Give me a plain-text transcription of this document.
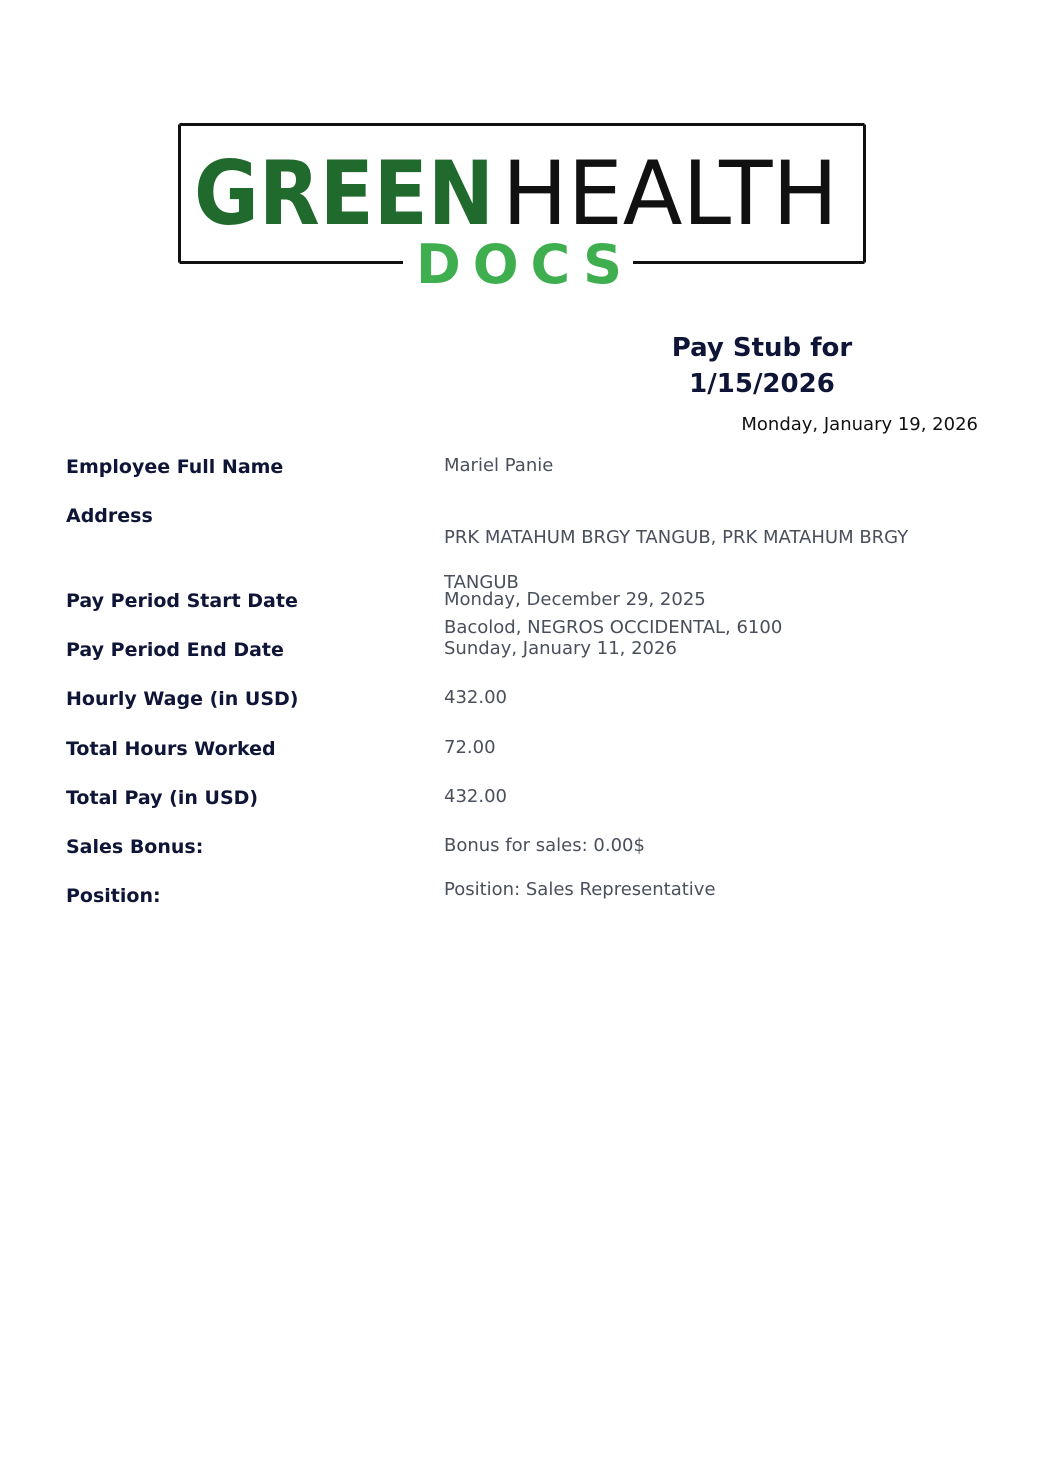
GREEN HEALTH
DOCS
Pay Stub for 1/15/2026
Monday, January 19, 2026
Employee Full Name	Mariel Panie
Address

PRK MATAHUM BRGY TANGUB, PRK MATAHUM BRGY

TANGUB

Bacolod, NEGROS OCCIDENTAL, 6100

Pay Period Start Date	Monday, December 29, 2025
Pay Period End Date	Sunday, January 11, 2026
Hourly Wage (in USD)	432.00
Total Hours Worked	72.00
Total Pay (in USD)	432.00
Sales Bonus:	Bonus for sales: 0.00$
Position:	Position: Sales Representative
